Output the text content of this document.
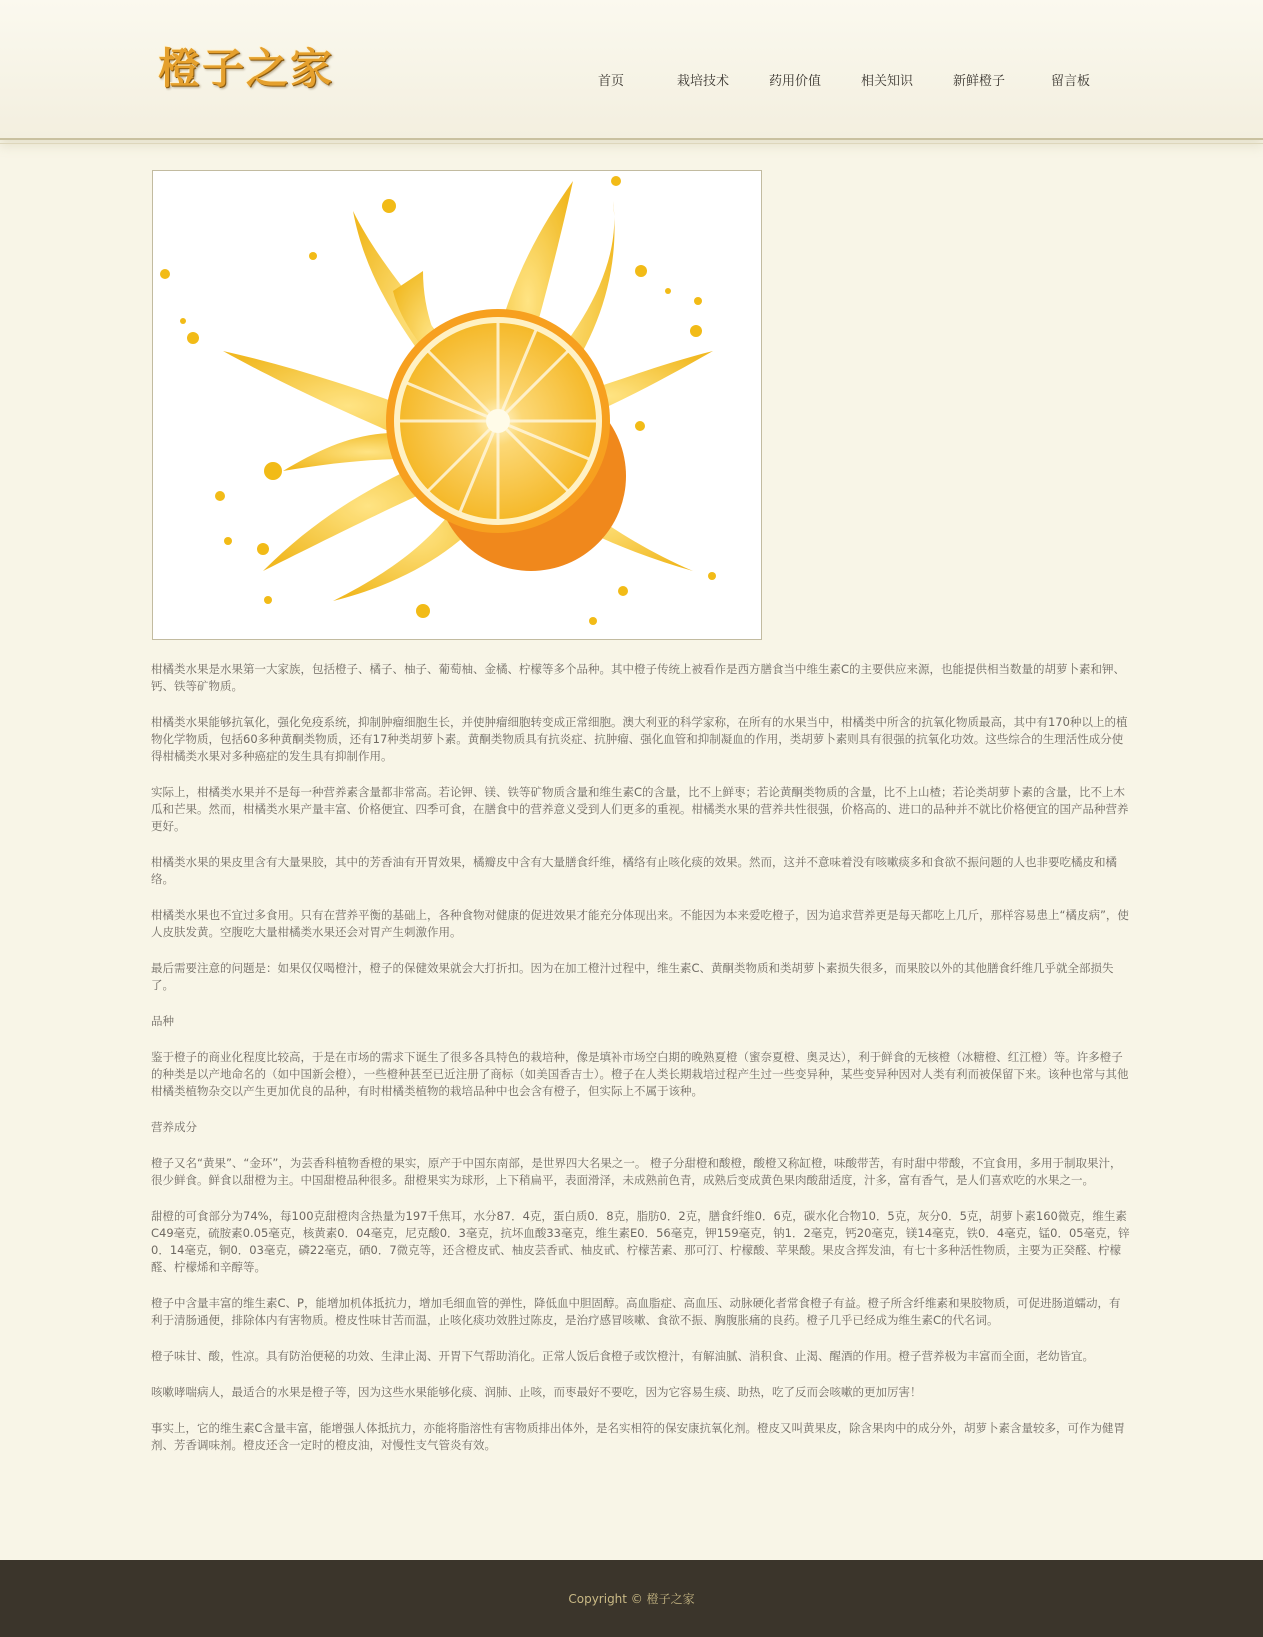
橙子之家	首页	栽培技术	药用价值	相关知识	新鲜橙子	留言板

柑橘类水果是水果第一大家族，包括橙子、橘子、柚子、葡萄柚、金橘、柠檬等多个品种。其中橙子传统上被看作是西方膳食当中维生素C的主要供应来源，也能提供相当数量的胡萝卜素和钾、钙、铁等矿物质。

柑橘类水果能够抗氧化，强化免疫系统，抑制肿瘤细胞生长，并使肿瘤细胞转变成正常细胞。澳大利亚的科学家称，在所有的水果当中，柑橘类中所含的抗氧化物质最高，其中有170种以上的植物化学物质，包括60多种黄酮类物质，还有17种类胡萝卜素。黄酮类物质具有抗炎症、抗肿瘤、强化血管和抑制凝血的作用，类胡萝卜素则具有很强的抗氧化功效。这些综合的生理活性成分使得柑橘类水果对多种癌症的发生具有抑制作用。

实际上，柑橘类水果并不是每一种营养素含量都非常高。若论钾、镁、铁等矿物质含量和维生素C的含量，比不上鲜枣；若论黄酮类物质的含量，比不上山楂；若论类胡萝卜素的含量，比不上木瓜和芒果。然而，柑橘类水果产量丰富、价格便宜、四季可食，在膳食中的营养意义受到人们更多的重视。柑橘类水果的营养共性很强，价格高的、进口的品种并不就比价格便宜的国产品种营养更好。

柑橘类水果的果皮里含有大量果胶，其中的芳香油有开胃效果，橘瓣皮中含有大量膳食纤维，橘络有止咳化痰的效果。然而，这并不意味着没有咳嗽痰多和食欲不振问题的人也非要吃橘皮和橘络。

柑橘类水果也不宜过多食用。只有在营养平衡的基础上，各种食物对健康的促进效果才能充分体现出来。不能因为本来爱吃橙子，因为追求营养更是每天都吃上几斤，那样容易患上“橘皮病”，使人皮肤发黄。空腹吃大量柑橘类水果还会对胃产生刺激作用。

最后需要注意的问题是：如果仅仅喝橙汁，橙子的保健效果就会大打折扣。因为在加工橙汁过程中，维生素C、黄酮类物质和类胡萝卜素损失很多，而果胶以外的其他膳食纤维几乎就全部损失了。

品种

鉴于橙子的商业化程度比较高，于是在市场的需求下诞生了很多各具特色的栽培种，像是填补市场空白期的晚熟夏橙（蜜奈夏橙、奥灵达），利于鲜食的无核橙（冰糖橙、红江橙）等。许多橙子的种类是以产地命名的（如中国新会橙），一些橙种甚至已近注册了商标（如美国香吉士）。橙子在人类长期栽培过程产生过一些变异种，某些变异种因对人类有利而被保留下来。该种也常与其他柑橘类植物杂交以产生更加优良的品种，有时柑橘类植物的栽培品种中也会含有橙子，但实际上不属于该种。

营养成分

橙子又名“黄果”、“金环”，为芸香科植物香橙的果实，原产于中国东南部，是世界四大名果之一。 橙子分甜橙和酸橙，酸橙又称缸橙，味酸带苦，有时甜中带酸，不宜食用，多用于制取果汁，很少鲜食。鲜食以甜橙为主。中国甜橙品种很多。甜橙果实为球形，上下稍扁平，表面滑泽，未成熟前色青，成熟后变成黄色果肉酸甜适度，汁多，富有香气，是人们喜欢吃的水果之一。

甜橙的可食部分为74%，每100克甜橙肉含热量为197千焦耳，水分87．4克，蛋白质0．8克，脂肪0．2克，膳食纤维0．6克，碳水化合物10．5克，灰分0．5克，胡萝卜素160微克，维生素C49毫克，硫胺素0.05毫克，核黄素0．04毫克，尼克酸0．3毫克，抗坏血酸33毫克，维生素E0．56毫克，钾159毫克，钠1．2毫克，钙20毫克，镁14毫克，铁0．4毫克，锰0．05毫克，锌0．14毫克，铜0．03毫克，磷22毫克，硒0．7微克等，还含橙皮甙、柚皮芸香甙、柚皮甙、柠檬苦素、那可汀、柠檬酸、苹果酸。果皮含挥发油，有七十多种活性物质，主要为正癸醛、柠檬醛、柠檬烯和辛醇等。

橙子中含量丰富的维生素C、P，能增加机体抵抗力，增加毛细血管的弹性，降低血中胆固醇。高血脂症、高血压、动脉硬化者常食橙子有益。橙子所含纤维素和果胶物质，可促进肠道蠕动，有利于清肠通便，排除体内有害物质。橙皮性味甘苦而温，止咳化痰功效胜过陈皮，是治疗感冒咳嗽、食欲不振、胸腹胀痛的良药。橙子几乎已经成为维生素C的代名词。

橙子味甘、酸，性凉。具有防治便秘的功效、生津止渴、开胃下气帮助消化。正常人饭后食橙子或饮橙汁，有解油腻、消积食、止渴、醒酒的作用。橙子营养极为丰富而全面，老幼皆宜。

咳嗽哮喘病人，最适合的水果是橙子等，因为这些水果能够化痰、润肺、止咳，而枣最好不要吃，因为它容易生痰、助热，吃了反而会咳嗽的更加厉害！

事实上，它的维生素C含量丰富，能增强人体抵抗力，亦能将脂溶性有害物质排出体外，是名实相符的保安康抗氧化剂。橙皮又叫黄果皮，除含果肉中的成分外，胡萝卜素含量较多，可作为健胃剂、芳香调味剂。橙皮还含一定时的橙皮油，对慢性支气管炎有效。

Copyright © 橙子之家
